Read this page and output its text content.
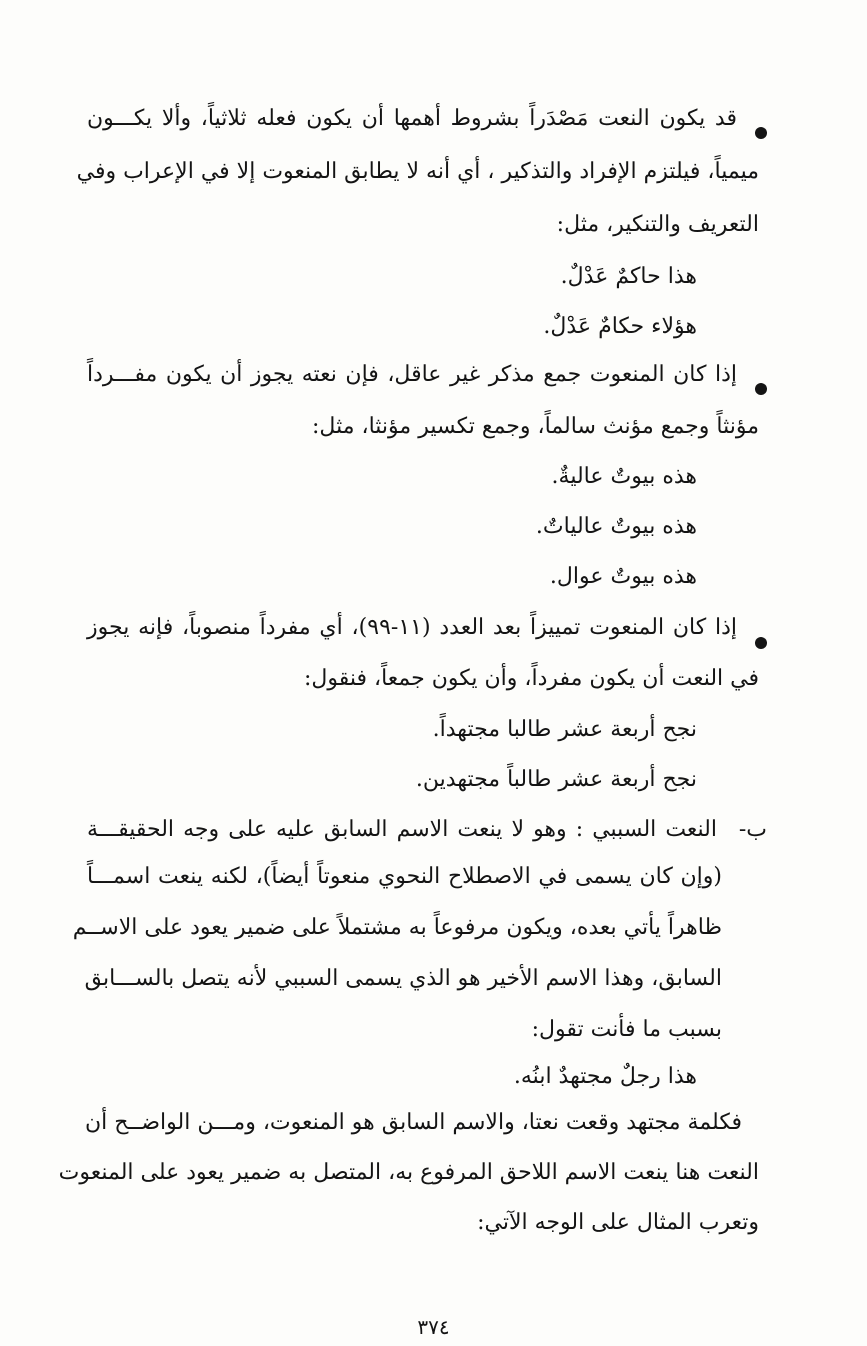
قد يكون النعت مَصْدَراً بشروط أهمها أن يكون فعله ثلاثياً، وألا يكـــون
ميمياً، فيلتزم الإفراد والتذكير ، أي أنه لا يطابق المنعوت إلا في الإعراب وفي
التعريف والتنكير، مثل:
هذا حاكمٌ عَدْلٌ.
هؤلاء حكامٌ عَدْلٌ.
إذا كان المنعوت جمع مذكر غير عاقل، فإن نعته يجوز أن يكون مفـــرداً
مؤنثاً وجمع مؤنث سالماً، وجمع تكسير مؤنثا، مثل:
هذه بيوتٌ عاليةٌ.
هذه بيوتٌ عالياتٌ.
هذه بيوتٌ عوال.
إذا كان المنعوت تمييزاً بعد العدد (١١-٩٩)، أي مفرداً منصوباً، فإنه يجوز
في النعت أن يكون مفرداً، وأن يكون جمعاً، فنقول:
نجح أربعة عشر طالبا مجتهداً.
نجح أربعة عشر طالباً مجتهدين.
ب-
النعت السببي : وهو لا ينعت الاسم السابق عليه على وجه الحقيقـــة
(وإن كان يسمى في الاصطلاح النحوي منعوتاً أيضاً)، لكنه ينعت اسمـــاً
ظاهراً يأتي بعده، ويكون مرفوعاً به مشتملاً على ضمير يعود على الاســم
السابق، وهذا الاسم الأخير هو الذي يسمى السببي لأنه يتصل بالســـابق
بسبب ما فأنت تقول:
هذا رجلٌ مجتهدٌ ابنُه.
فكلمة مجتهد وقعت نعتا، والاسم السابق هو المنعوت، ومـــن الواضــح أن
النعت هنا ينعت الاسم اللاحق المرفوع به، المتصل به ضمير يعود على المنعوت
وتعرب المثال على الوجه الآتي:
٣٧٤
